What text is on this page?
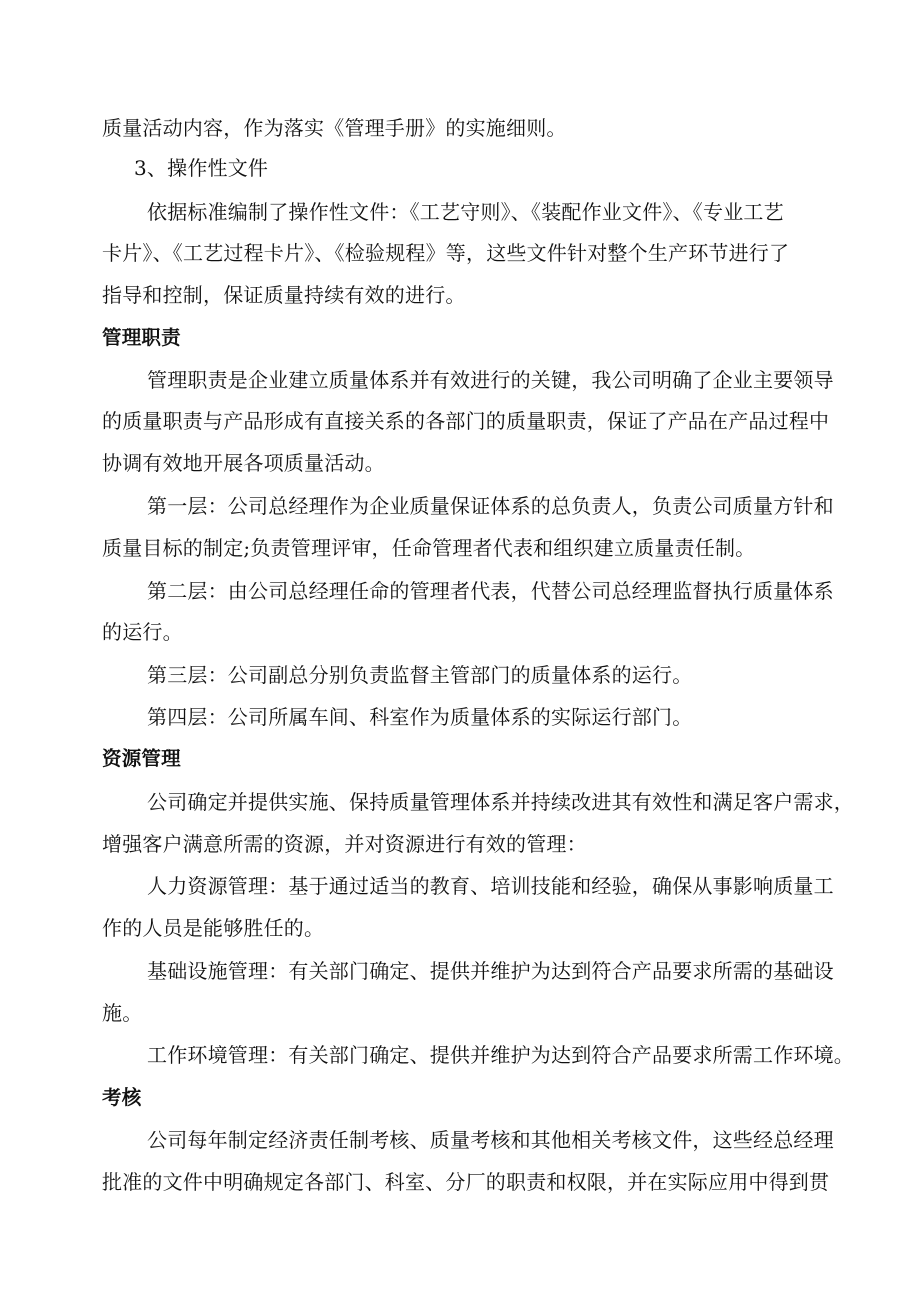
质量活动内容，作为落实《管理手册》的实施细则。
3、操作性文件
依据标准编制了操作性文件：《工艺守则》、《装配作业文件》、《专业工艺
卡片》、《工艺过程卡片》、《检验规程》等，这些文件针对整个生产环节进行了
指导和控制，保证质量持续有效的进行。
管理职责
管理职责是企业建立质量体系并有效进行的关键，我公司明确了企业主要领导
的质量职责与产品形成有直接关系的各部门的质量职责，保证了产品在产品过程中
协调有效地开展各项质量活动。
第一层：公司总经理作为企业质量保证体系的总负责人，负责公司质量方针和
质量目标的制定;负责管理评审，任命管理者代表和组织建立质量责任制。
第二层：由公司总经理任命的管理者代表，代替公司总经理监督执行质量体系
的运行。
第三层：公司副总分别负责监督主管部门的质量体系的运行。
第四层：公司所属车间、科室作为质量体系的实际运行部门。
资源管理
公司确定并提供实施、保持质量管理体系并持续改进其有效性和满足客户需求，
增强客户满意所需的资源，并对资源进行有效的管理：
人力资源管理：基于通过适当的教育、培训技能和经验，确保从事影响质量工
作的人员是能够胜任的。
基础设施管理：有关部门确定、提供并维护为达到符合产品要求所需的基础设
施。
工作环境管理：有关部门确定、提供并维护为达到符合产品要求所需工作环境。
考核
公司每年制定经济责任制考核、质量考核和其他相关考核文件，这些经总经理
批准的文件中明确规定各部门、科室、分厂的职责和权限，并在实际应用中得到贯
